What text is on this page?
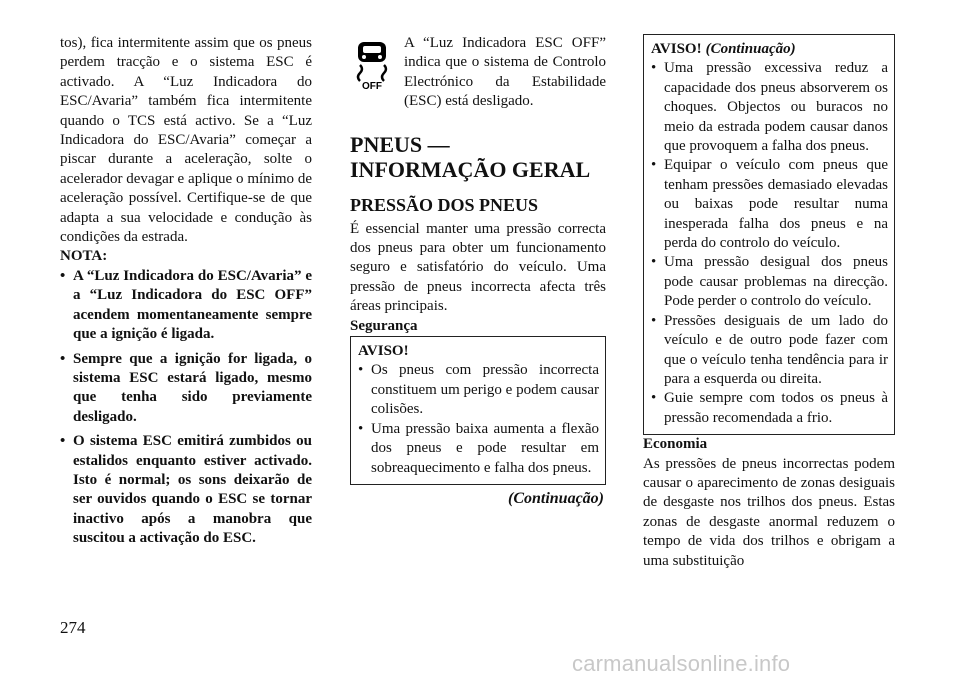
tos), fica intermitente assim que os pneus perdem tracção e o sistema ESC é activado. A “Luz Indicadora do ESC/Avaria” também fica intermitente quando o TCS está activo. Se a “Luz Indicadora do ESC/Avaria” começar a piscar durante a aceleração, solte o acelerador devagar e aplique o mínimo de aceleração possível. Certifique-se de que adapta a sua velocidade e condução às condições da estrada.

NOTA:

• A “Luz Indicadora do ESC/Avaria” e a “Luz Indicadora do ESC OFF” acendem momentaneamente sempre que a ignição é ligada.
• Sempre que a ignição for ligada, o sistema ESC estará ligado, mesmo que tenha sido previamente desligado.
• O sistema ESC emitirá zumbidos ou estalidos enquanto estiver activado. Isto é normal; os sons deixarão de ser ouvidos quando o ESC se tornar inactivo após a manobra que suscitou a activação do ESC.
OFF

A “Luz Indicadora ESC OFF” indica que o sistema de Controlo Electrónico da Estabilidade (ESC) está desligado.

PNEUS — INFORMAÇÃO GERAL
PRESSÃO DOS PNEUS

É essencial manter uma pressão correcta dos pneus para obter um funcionamento seguro e satisfatório do veículo. Uma pressão de pneus incorrecta afecta três áreas principais.

Segurança

AVISO!
• Os pneus com pressão incorrecta constituem um perigo e podem causar colisões.
• Uma pressão baixa aumenta a flexão dos pneus e pode resultar em sobreaquecimento e falha dos pneus.
(Continuação)
AVISO! (Continuação)
• Uma pressão excessiva reduz a capacidade dos pneus absorverem os choques. Objectos ou buracos no meio da estrada podem causar danos que provoquem a falha dos pneus.
• Equipar o veículo com pneus que tenham pressões demasiado elevadas ou baixas pode resultar numa inesperada falha dos pneus e na perda do controlo do veículo.
• Uma pressão desigual dos pneus pode causar problemas na direcção. Pode perder o controlo do veículo.
• Pressões desiguais de um lado do veículo e de outro pode fazer com que o veículo tenha tendência para ir para a esquerda ou direita.
• Guie sempre com todos os pneus à pressão recomendada a frio.

Economia

As pressões de pneus incorrectas podem causar o aparecimento de zonas desiguais de desgaste nos trilhos dos pneus. Estas zonas de desgaste anormal reduzem o tempo de vida dos trilhos e obrigam a uma substituição

274
carmanualsonline.info
